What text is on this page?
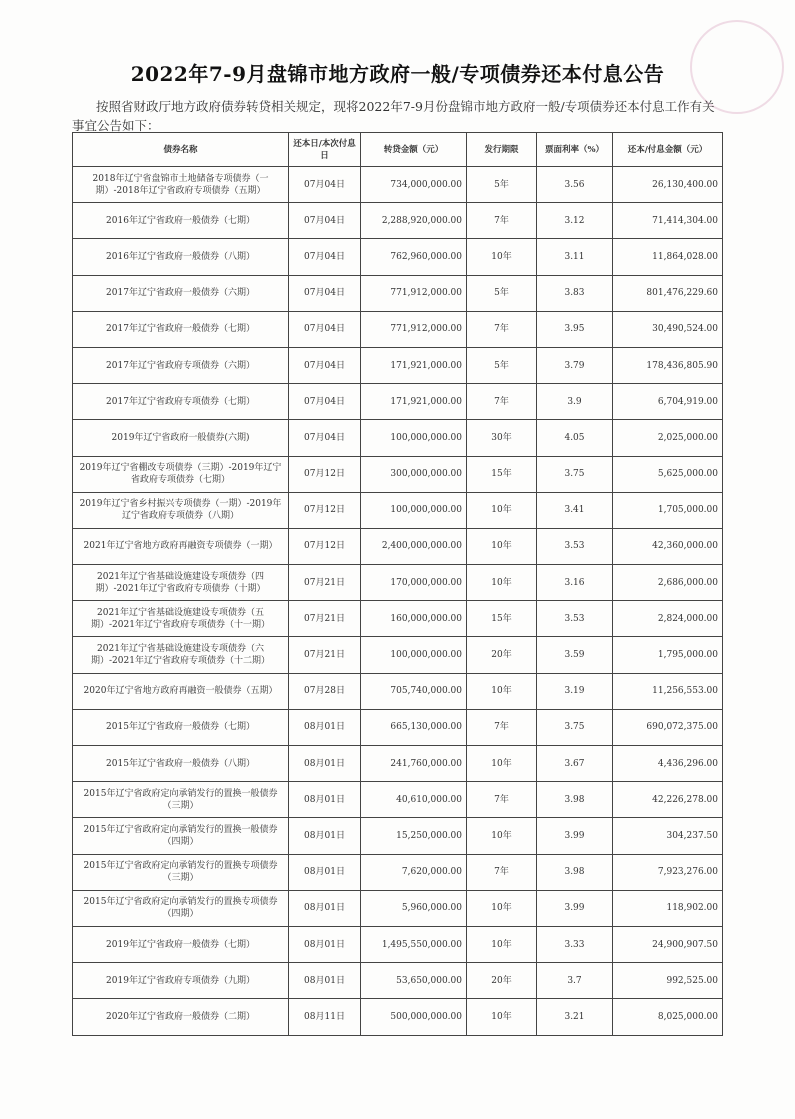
2022年7-9月盘锦市地方政府一般/专项债券还本付息公告
按照省财政厅地方政府债券转贷相关规定，现将2022年7-9月份盘锦市地方政府一般/专项债券还本付息工作有关事宜公告如下：
债券名称	还本日/本次付息日	转贷金额（元）	发行期限	票面利率（%）	还本/付息金额（元）
2018年辽宁省盘锦市土地储备专项债券（一期）-2018年辽宁省政府专项债券（五期）	07月04日	734,000,000.00	5年	3.56	26,130,400.00
2016年辽宁省政府一般债券（七期）	07月04日	2,288,920,000.00	7年	3.12	71,414,304.00
2016年辽宁省政府一般债券（八期）	07月04日	762,960,000.00	10年	3.11	11,864,028.00
2017年辽宁省政府一般债券（六期）	07月04日	771,912,000.00	5年	3.83	801,476,229.60
2017年辽宁省政府一般债券（七期）	07月04日	771,912,000.00	7年	3.95	30,490,524.00
2017年辽宁省政府专项债券（六期）	07月04日	171,921,000.00	5年	3.79	178,436,805.90
2017年辽宁省政府专项债券（七期）	07月04日	171,921,000.00	7年	3.9	6,704,919.00
2019年辽宁省政府一般债券(六期)	07月04日	100,000,000.00	30年	4.05	2,025,000.00
2019年辽宁省棚改专项债券（三期）-2019年辽宁省政府专项债券（七期）	07月12日	300,000,000.00	15年	3.75	5,625,000.00
2019年辽宁省乡村振兴专项债券（一期）-2019年辽宁省政府专项债券（八期）	07月12日	100,000,000.00	10年	3.41	1,705,000.00
2021年辽宁省地方政府再融资专项债券（一期）	07月12日	2,400,000,000.00	10年	3.53	42,360,000.00
2021年辽宁省基础设施建设专项债券（四期）-2021年辽宁省政府专项债券（十期）	07月21日	170,000,000.00	10年	3.16	2,686,000.00
2021年辽宁省基础设施建设专项债券（五期）-2021年辽宁省政府专项债券（十一期）	07月21日	160,000,000.00	15年	3.53	2,824,000.00
2021年辽宁省基础设施建设专项债券（六期）-2021年辽宁省政府专项债券（十二期）	07月21日	100,000,000.00	20年	3.59	1,795,000.00
2020年辽宁省地方政府再融资一般债券（五期）	07月28日	705,740,000.00	10年	3.19	11,256,553.00
2015年辽宁省政府一般债券（七期）	08月01日	665,130,000.00	7年	3.75	690,072,375.00
2015年辽宁省政府一般债券（八期）	08月01日	241,760,000.00	10年	3.67	4,436,296.00
2015年辽宁省政府定向承销发行的置换一般债券（三期）	08月01日	40,610,000.00	7年	3.98	42,226,278.00
2015年辽宁省政府定向承销发行的置换一般债券（四期）	08月01日	15,250,000.00	10年	3.99	304,237.50
2015年辽宁省政府定向承销发行的置换专项债券（三期）	08月01日	7,620,000.00	7年	3.98	7,923,276.00
2015年辽宁省政府定向承销发行的置换专项债券（四期）	08月01日	5,960,000.00	10年	3.99	118,902.00
2019年辽宁省政府一般债券（七期）	08月01日	1,495,550,000.00	10年	3.33	24,900,907.50
2019年辽宁省政府专项债券（九期）	08月01日	53,650,000.00	20年	3.7	992,525.00
2020年辽宁省政府一般债券（二期）	08月11日	500,000,000.00	10年	3.21	8,025,000.00
